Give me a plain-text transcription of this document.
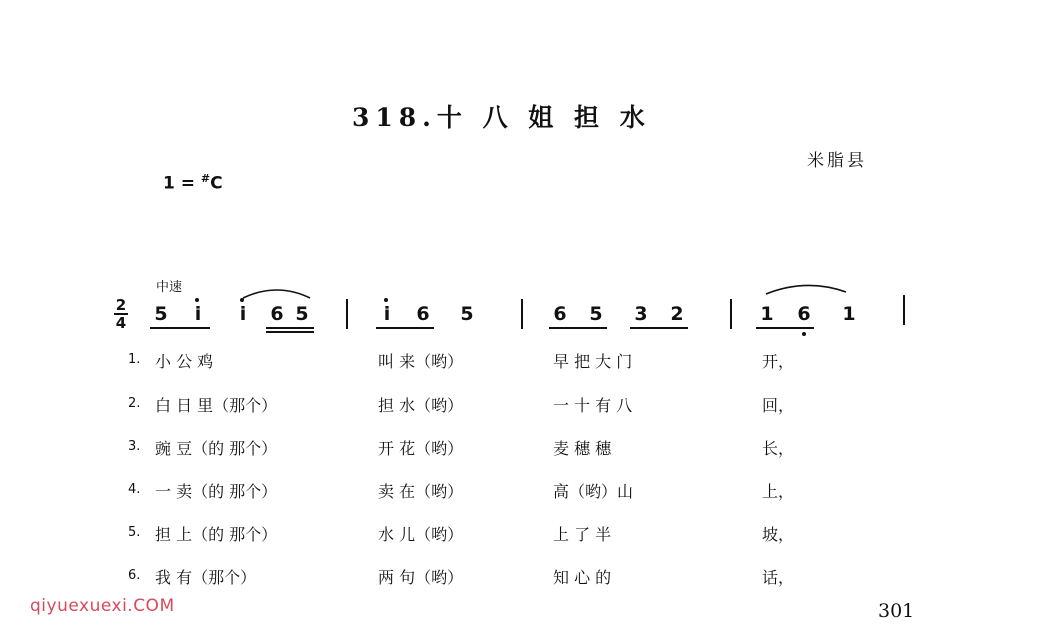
318.十 八 姐 担 水
米脂县
1 = #C
中速
2
4 5	i	i	6 5	i	6 5	6 5 3 2	1 6 1
1. 小 公 鸡	叫 来（哟）	早 把 大 门	开，
2. 白 日 里（那个）	担 水（哟）	一 十 有 八	回，
3. 豌 豆（的 那个）	开 花（哟）	麦 穗 穗	长，
4. 一 卖（的 那个）	卖 在（哟）	高（哟）山	上，
5. 担 上（的 那个）	水 儿（哟）	上 了 半	坡，
6. 我 有（那个）	两 句（哟）	知 心 的	话，
301
qiyuexuexi.COM
